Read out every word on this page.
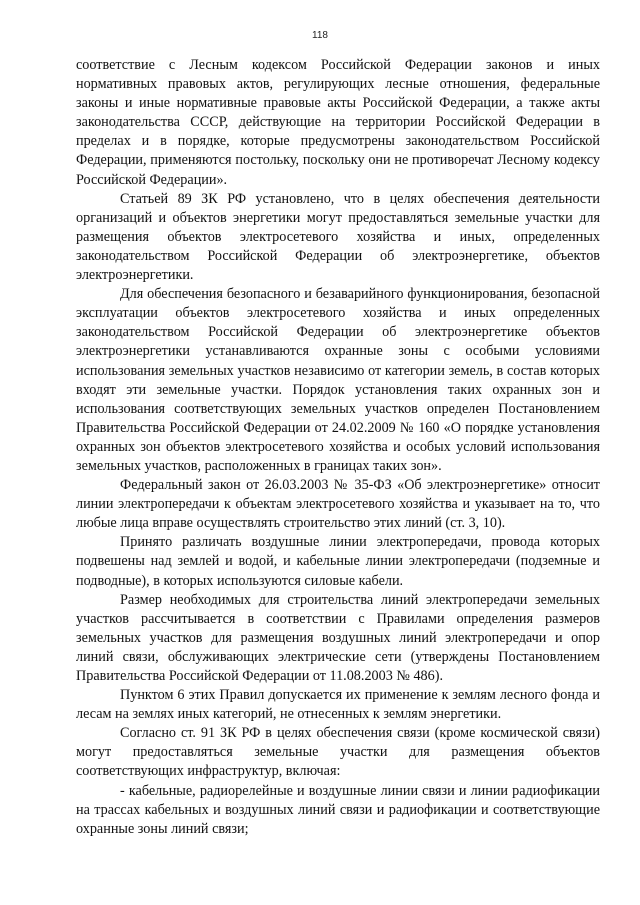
118

соответствие с Лесным кодексом Российской Федерации законов и иных нормативных правовых актов, регулирующих лесные отношения, федеральные законы и иные нормативные правовые акты Российской Федерации, а также акты законодательства СССР, действующие на территории Российской Федерации в пределах и в порядке, которые предусмотрены законодательством Российской Федерации, применяются постольку, поскольку они не противоречат Лесному кодексу Российской Федерации».

Статьей 89 ЗК РФ установлено, что в целях обеспечения деятельности организаций и объектов энергетики могут предоставляться земельные участки для размещения объектов электросетевого хозяйства и иных, определенных законодательством Российской Федерации об электроэнергетике, объектов электроэнергетики.

Для обеспечения безопасного и безаварийного функционирования, безопасной эксплуатации объектов электросетевого хозяйства и иных определенных законодательством Российской Федерации об электроэнергетике объектов электроэнергетики устанавливаются охранные зоны с особыми условиями использования земельных участков независимо от категории земель, в состав которых входят эти земельные участки. Порядок установления таких охранных зон и использования соответствующих земельных участков определен Постановлением Правительства Российской Федерации от 24.02.2009 № 160 «О порядке установления охранных зон объектов электросетевого хозяйства и особых условий использования земельных участков, расположенных в границах таких зон».

Федеральный закон от 26.03.2003 № 35-ФЗ «Об электроэнергетике» относит линии электропередачи к объектам электросетевого хозяйства и указывает на то, что любые лица вправе осуществлять строительство этих линий (ст. 3, 10).

Принято различать воздушные линии электропередачи, провода которых подвешены над землей и водой, и кабельные линии электропередачи (подземные и подводные), в которых используются силовые кабели.

Размер необходимых для строительства линий электропередачи земельных участков рассчитывается в соответствии с Правилами определения размеров земельных участков для размещения воздушных линий электропередачи и опор линий связи, обслуживающих электрические сети (утверждены Постановлением Правительства Российской Федерации от 11.08.2003 № 486).

Пунктом 6 этих Правил допускается их применение к землям лесного фонда и лесам на землях иных категорий, не отнесенных к землям энергетики.

Согласно ст. 91 ЗК РФ в целях обеспечения связи (кроме космической связи) могут предоставляться земельные участки для размещения объектов соответствующих инфраструктур, включая:

- кабельные, радиорелейные и воздушные линии связи и линии радиофикации на трассах кабельных и воздушных линий связи и радиофикации и соответствующие охранные зоны линий связи;
